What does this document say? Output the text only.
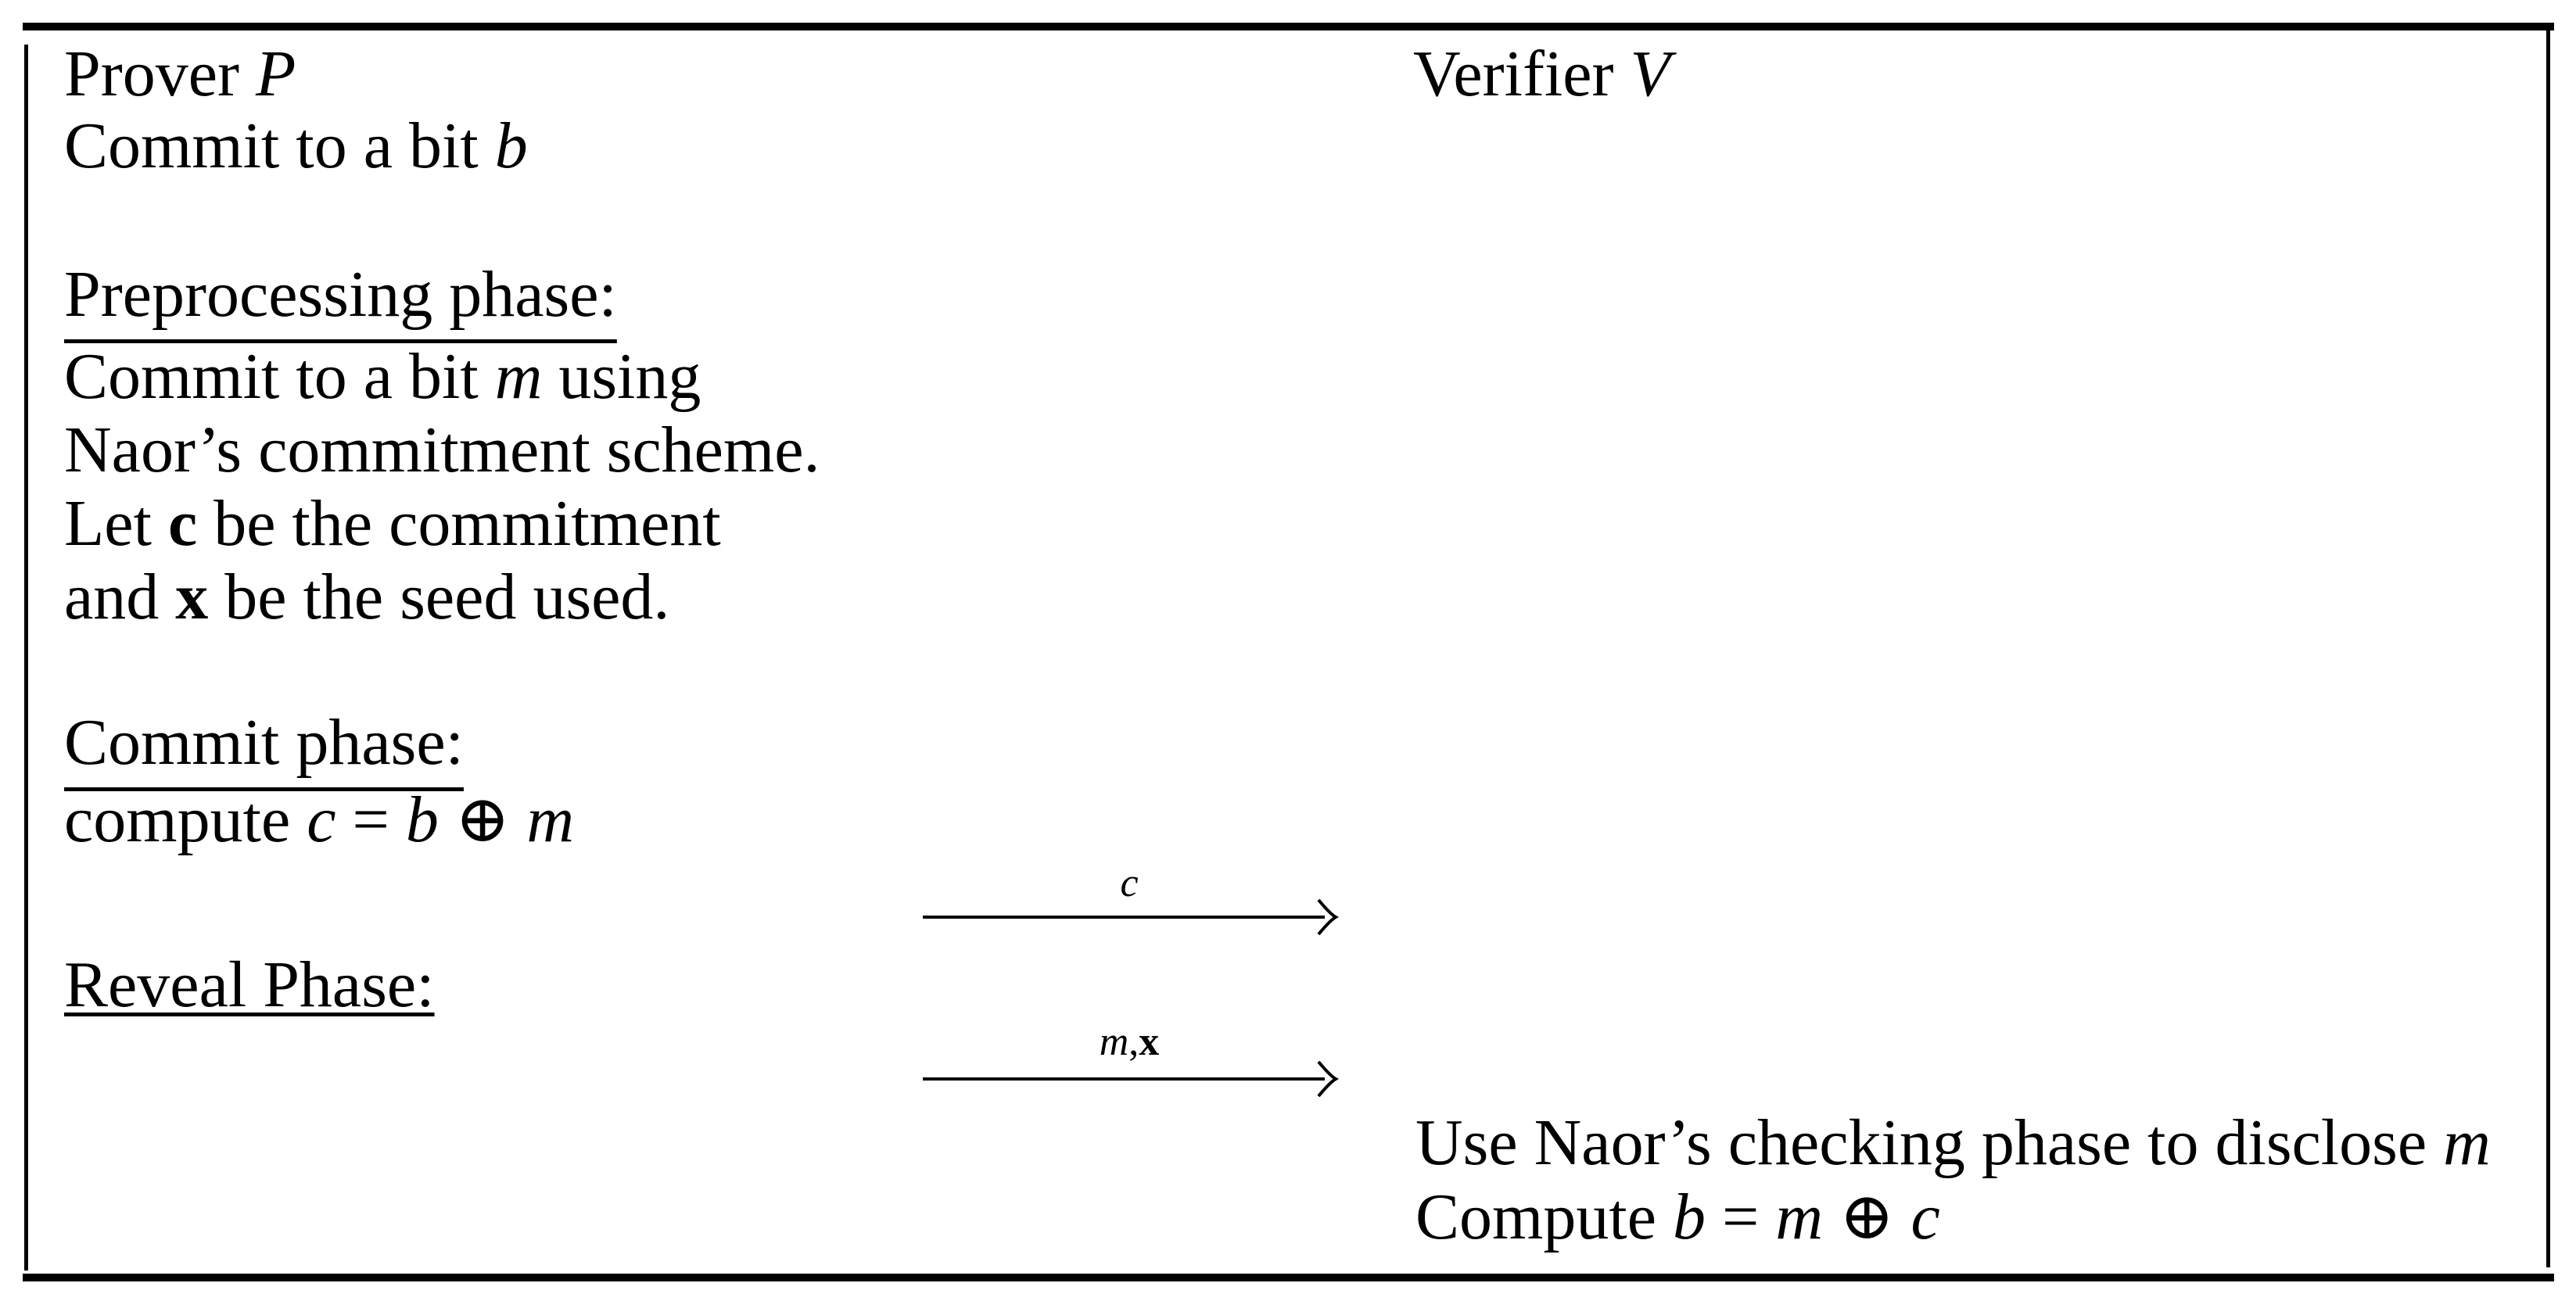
Prover P
Commit to a bit b
Preprocessing phase:
Commit to a bit m using
Naor’s commitment scheme.
Let c be the commitment
and x be the seed used.
Commit phase:
compute c = b ⊕ m
Reveal Phase:
Verifier V
Use Naor’s checking phase to disclose m
Compute b = m ⊕ c
c
m,x
